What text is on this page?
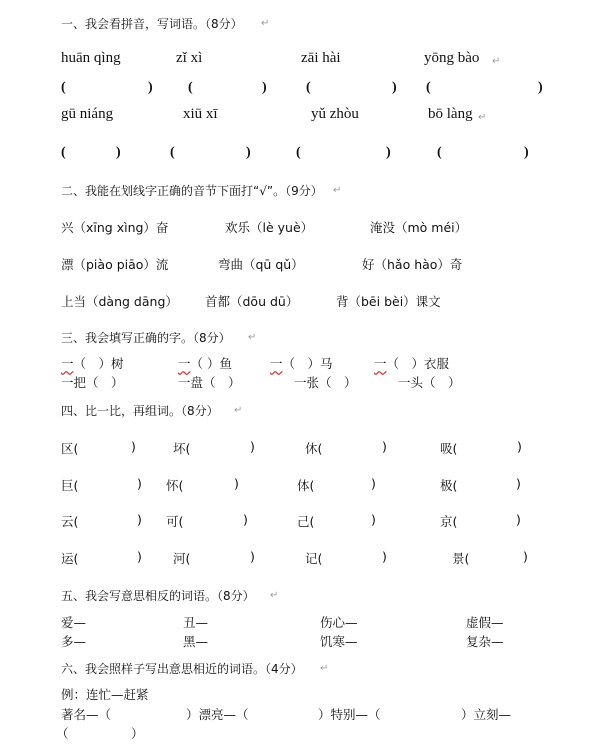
一、我会看拼音，写词语。（8分） ↵
huān qìng	zǐ xì	zāi hài	yōng bào ↵
(	)	(	)	(	) (	)
gū niáng	xiū xī	yǔ zhòu	bō làng ↵
(	)	(	)	(	)	(	)
二、我能在划线字正确的音节下面打“√”。（9分） ↵
兴（xīng xìng）奋	欢乐（lè yuè）	淹没（mò méi）
漂（piào piāo）流	弯曲（qū qǔ）	好（hǎo hào）奇
上当（dàng dāng） 首都（dōu dū）	背（bēi bèi）课文
三、我会填写正确的字。（8分） ↵
一（　）树	一（ ）鱼	一（　）马	一（　）衣服
一把（　）	一盘（　）	一张（　）	一头（　）
四、比一比，再组词。（8分） ↵
区(	)	坏(	)	休(	)	吸(	)
巨(	) 怀(	)	体(	)	极(	)
云(	) 可(	)	己(	)	京(	)
运(	) 河(	)	记(	)	景(	)
五、我会写意思相反的词语。（8分） ↵
爱—	丑—	伤心—	虚假—
多—	黑—	饥寒—	复杂—
六、我会照样子写出意思相近的词语。（4分） ↵
例：连忙—赶紧
著名—（	）漂亮—（	）特别—（	）立刻—
（　　　　　）
